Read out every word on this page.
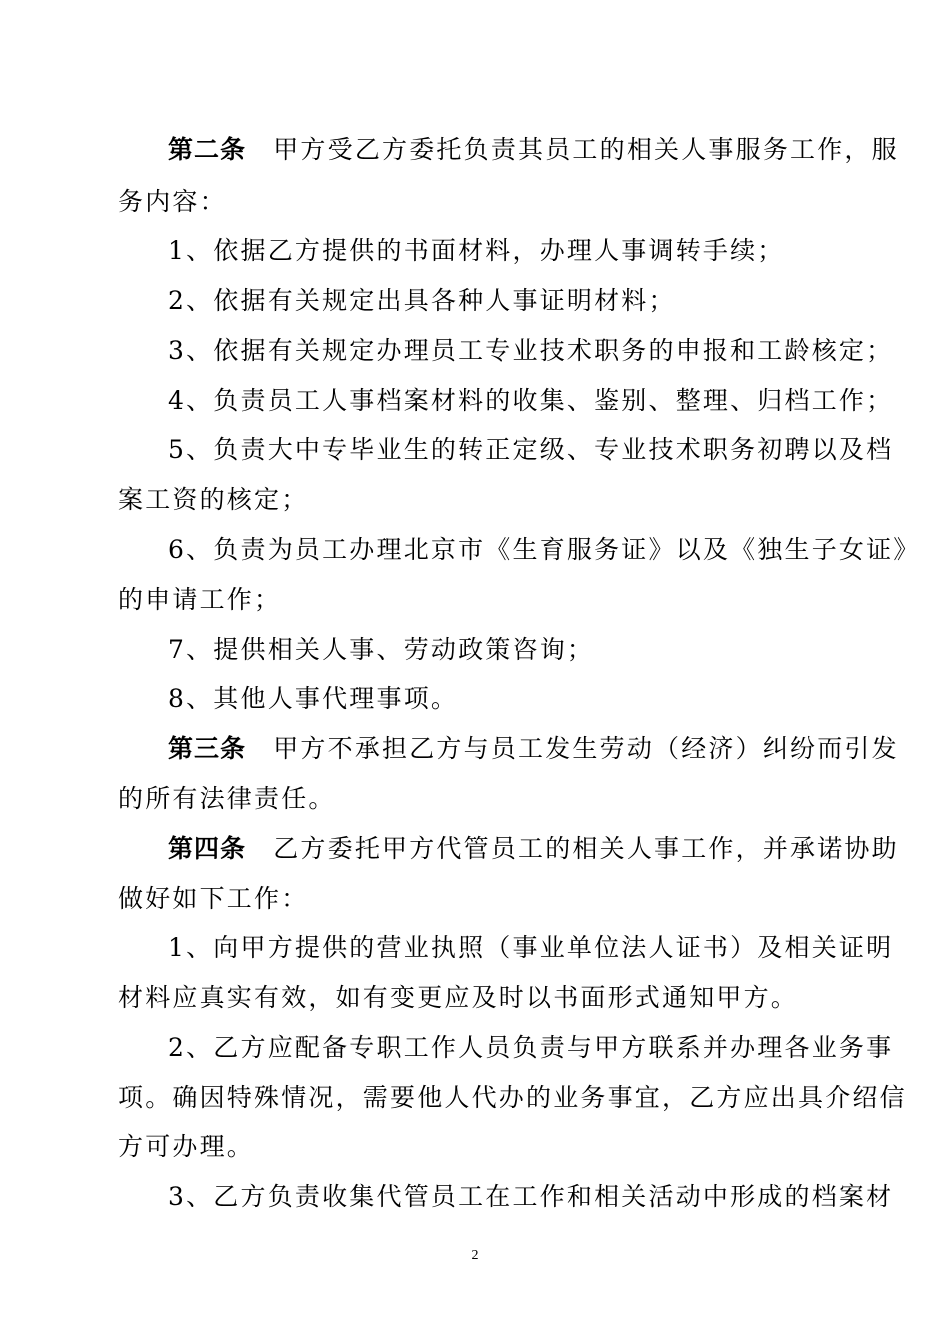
第二条　 甲方受乙方委托负责其员工的相关人事服务工作，服
务内容：
1、依据乙方提供的书面材料，办理人事调转手续；
2、依据有关规定出具各种人事证明材料；
3、依据有关规定办理员工专业技术职务的申报和工龄核定；
4、负责员工人事档案材料的收集、鉴别、整理、归档工作；
5、负责大中专毕业生的转正定级、专业技术职务初聘以及档
案工资的核定；
6、负责为员工办理北京市《生育服务证》以及《独生子女证》
的申请工作；
7、提供相关人事、劳动政策咨询；
8、其他人事代理事项。
第三条　 甲方不承担乙方与员工发生劳动（经济）纠纷而引发
的所有法律责任。
第四条　 乙方委托甲方代管员工的相关人事工作，并承诺协助
做好如下工作：
1、向甲方提供的营业执照（事业单位法人证书）及相关证明
材料应真实有效，如有变更应及时以书面形式通知甲方。
2、乙方应配备专职工作人员负责与甲方联系并办理各业务事
项。确因特殊情况，需要他人代办的业务事宜，乙方应出具介绍信
方可办理。
3、乙方负责收集代管员工在工作和相关活动中形成的档案材
2
